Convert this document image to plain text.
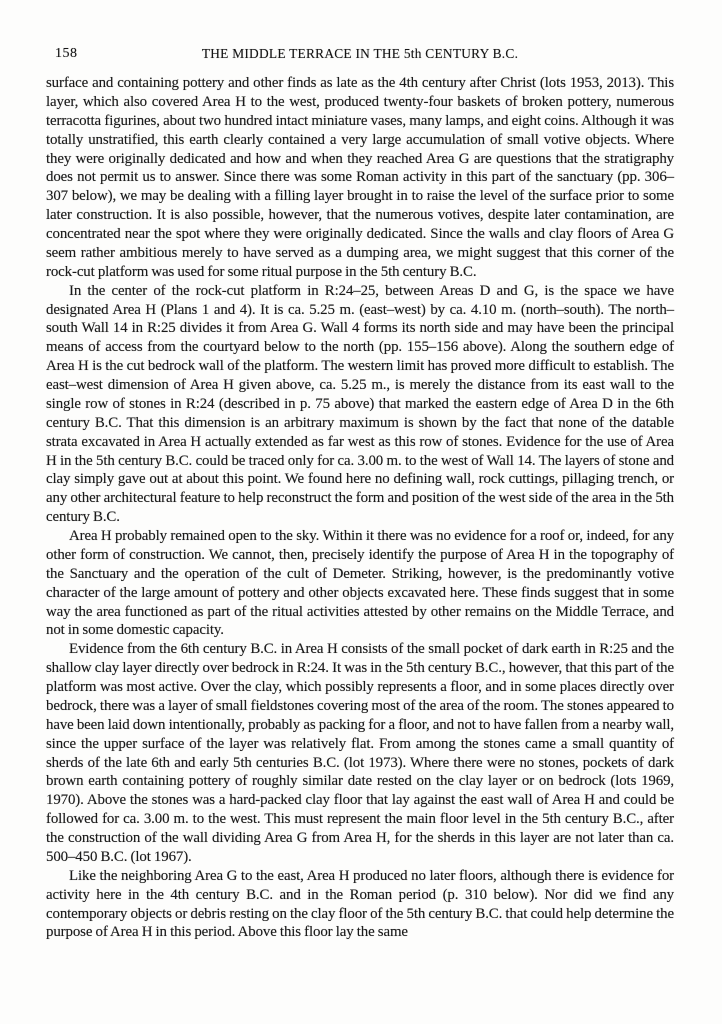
158	THE MIDDLE TERRACE IN THE 5th CENTURY B.C.

surface and containing pottery and other finds as late as the 4th century after Christ (lots 1953, 2013). This layer, which also covered Area H to the west, produced twenty-four baskets of broken pottery, numerous terracotta figurines, about two hundred intact miniature vases, many lamps, and eight coins. Although it was totally unstratified, this earth clearly contained a very large accumulation of small votive objects. Where they were originally dedicated and how and when they reached Area G are questions that the stratigraphy does not permit us to answer. Since there was some Roman activity in this part of the sanctuary (pp. 306–307 below), we may be dealing with a filling layer brought in to raise the level of the surface prior to some later construction. It is also possible, however, that the numerous votives, despite later contamination, are concentrated near the spot where they were originally dedicated. Since the walls and clay floors of Area G seem rather ambitious merely to have served as a dumping area, we might suggest that this corner of the rock-cut platform was used for some ritual purpose in the 5th century B.C.

In the center of the rock-cut platform in R:24–25, between Areas D and G, is the space we have designated Area H (Plans 1 and 4). It is ca. 5.25 m. (east–west) by ca. 4.10 m. (north–south). The north–south Wall 14 in R:25 divides it from Area G. Wall 4 forms its north side and may have been the principal means of access from the courtyard below to the north (pp. 155–156 above). Along the southern edge of Area H is the cut bedrock wall of the platform. The western limit has proved more difficult to establish. The east–west dimension of Area H given above, ca. 5.25 m., is merely the distance from its east wall to the single row of stones in R:24 (described in p. 75 above) that marked the eastern edge of Area D in the 6th century B.C. That this dimension is an arbitrary maximum is shown by the fact that none of the datable strata excavated in Area H actually extended as far west as this row of stones. Evidence for the use of Area H in the 5th century B.C. could be traced only for ca. 3.00 m. to the west of Wall 14. The layers of stone and clay simply gave out at about this point. We found here no defining wall, rock cuttings, pillaging trench, or any other architectural feature to help reconstruct the form and position of the west side of the area in the 5th century B.C.

Area H probably remained open to the sky. Within it there was no evidence for a roof or, indeed, for any other form of construction. We cannot, then, precisely identify the purpose of Area H in the topography of the Sanctuary and the operation of the cult of Demeter. Striking, however, is the predominantly votive character of the large amount of pottery and other objects excavated here. These finds suggest that in some way the area functioned as part of the ritual activities attested by other remains on the Middle Terrace, and not in some domestic capacity.

Evidence from the 6th century B.C. in Area H consists of the small pocket of dark earth in R:25 and the shallow clay layer directly over bedrock in R:24. It was in the 5th century B.C., however, that this part of the platform was most active. Over the clay, which possibly represents a floor, and in some places directly over bedrock, there was a layer of small fieldstones covering most of the area of the room. The stones appeared to have been laid down intentionally, probably as packing for a floor, and not to have fallen from a nearby wall, since the upper surface of the layer was relatively flat. From among the stones came a small quantity of sherds of the late 6th and early 5th centuries B.C. (lot 1973). Where there were no stones, pockets of dark brown earth containing pottery of roughly similar date rested on the clay layer or on bedrock (lots 1969, 1970). Above the stones was a hard-packed clay floor that lay against the east wall of Area H and could be followed for ca. 3.00 m. to the west. This must represent the main floor level in the 5th century B.C., after the construction of the wall dividing Area G from Area H, for the sherds in this layer are not later than ca. 500–450 B.C. (lot 1967).

Like the neighboring Area G to the east, Area H produced no later floors, although there is evidence for activity here in the 4th century B.C. and in the Roman period (p. 310 below). Nor did we find any contemporary objects or debris resting on the clay floor of the 5th century B.C. that could help determine the purpose of Area H in this period. Above this floor lay the same
